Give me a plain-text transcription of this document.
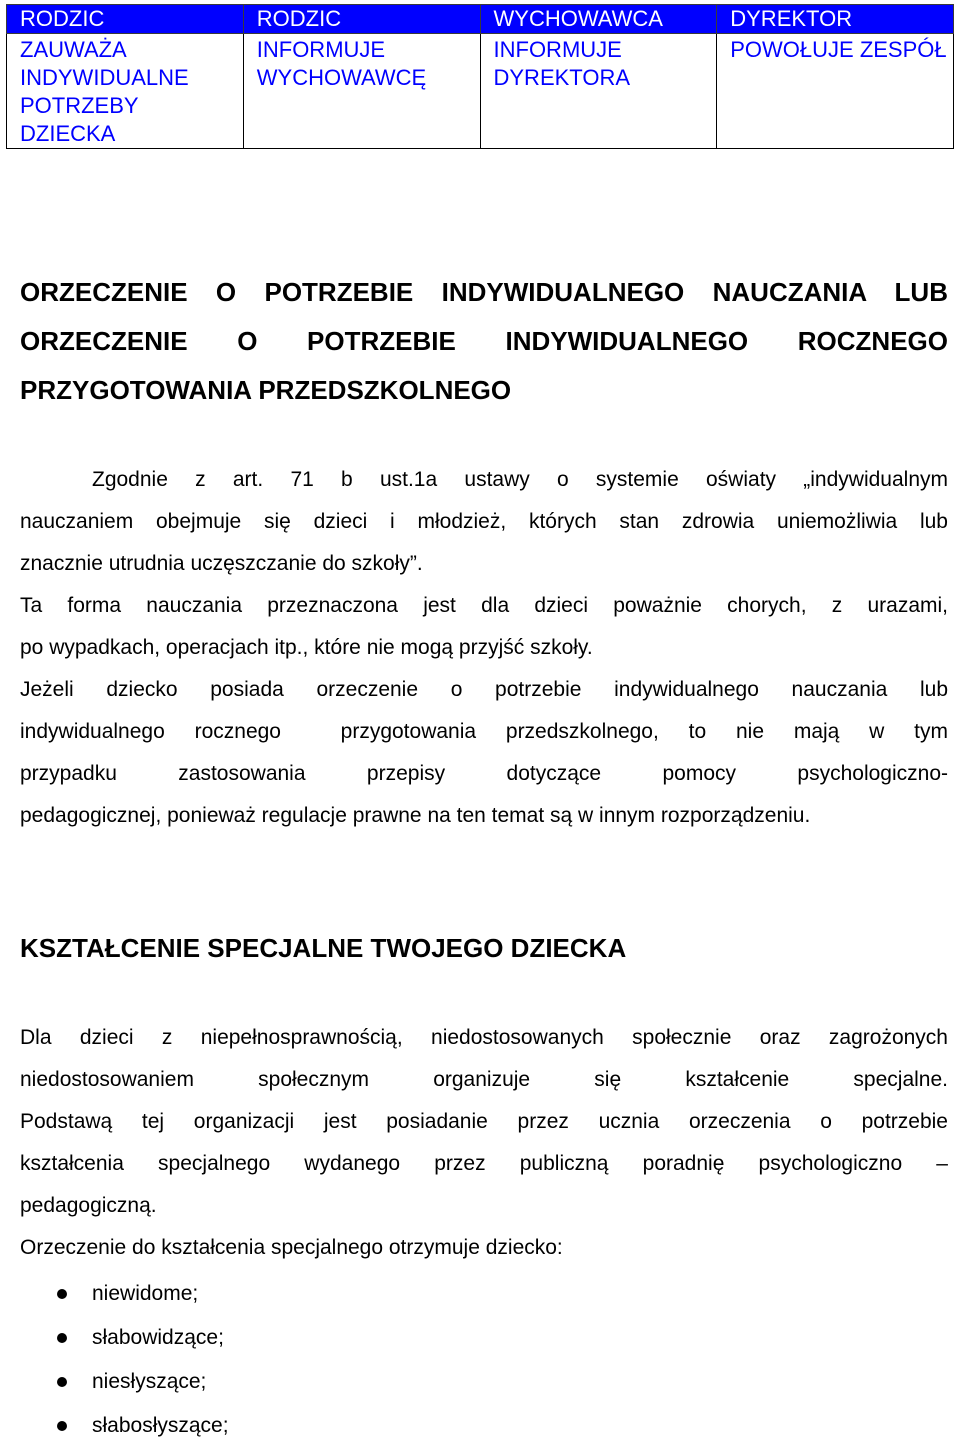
RODZIC	RODZIC	WYCHOWAWCA	DYREKTOR
ZAUWAŻA INDYWIDUALNE POTRZEBY DZIECKA	INFORMUJE WYCHOWAWCĘ	INFORMUJE DYREKTORA	POWOŁUJE ZESPÓŁ
ORZECZENIE O POTRZEBIE INDYWIDUALNEGO NAUCZANIA LUB
ORZECZENIE O POTRZEBIE INDYWIDUALNEGO ROCZNEGO
PRZYGOTOWANIA PRZEDSZKOLNEGO
Zgodnie z art. 71 b ust.1a ustawy o systemie oświaty „indywidualnym
nauczaniem obejmuje się dzieci i młodzież, których stan zdrowia uniemożliwia lub
znacznie utrudnia uczęszczanie do szkoły”.
Ta forma nauczania przeznaczona jest dla dzieci poważnie chorych, z urazami,
po wypadkach, operacjach itp., które nie mogą przyjść szkoły.
Jeżeli dziecko posiada orzeczenie o potrzebie indywidualnego nauczania lub
indywidualnego rocznego  przygotowania przedszkolnego, to nie mają w tym
przypadku zastosowania przepisy dotyczące pomocy psychologiczno-
pedagogicznej, ponieważ regulacje prawne na ten temat są w innym rozporządzeniu.
KSZTAŁCENIE SPECJALNE TWOJEGO DZIECKA
Dla dzieci z niepełnosprawnością, niedostosowanych społecznie oraz zagrożonych
niedostosowaniem społecznym organizuje się kształcenie specjalne.
Podstawą tej organizacji jest posiadanie przez ucznia orzeczenia o potrzebie
kształcenia specjalnego wydanego przez publiczną poradnię psychologiczno –
pedagogiczną.
Orzeczenie do kształcenia specjalnego otrzymuje dziecko:
niewidome;
słabowidzące;
niesłyszące;
słabosłyszące;
